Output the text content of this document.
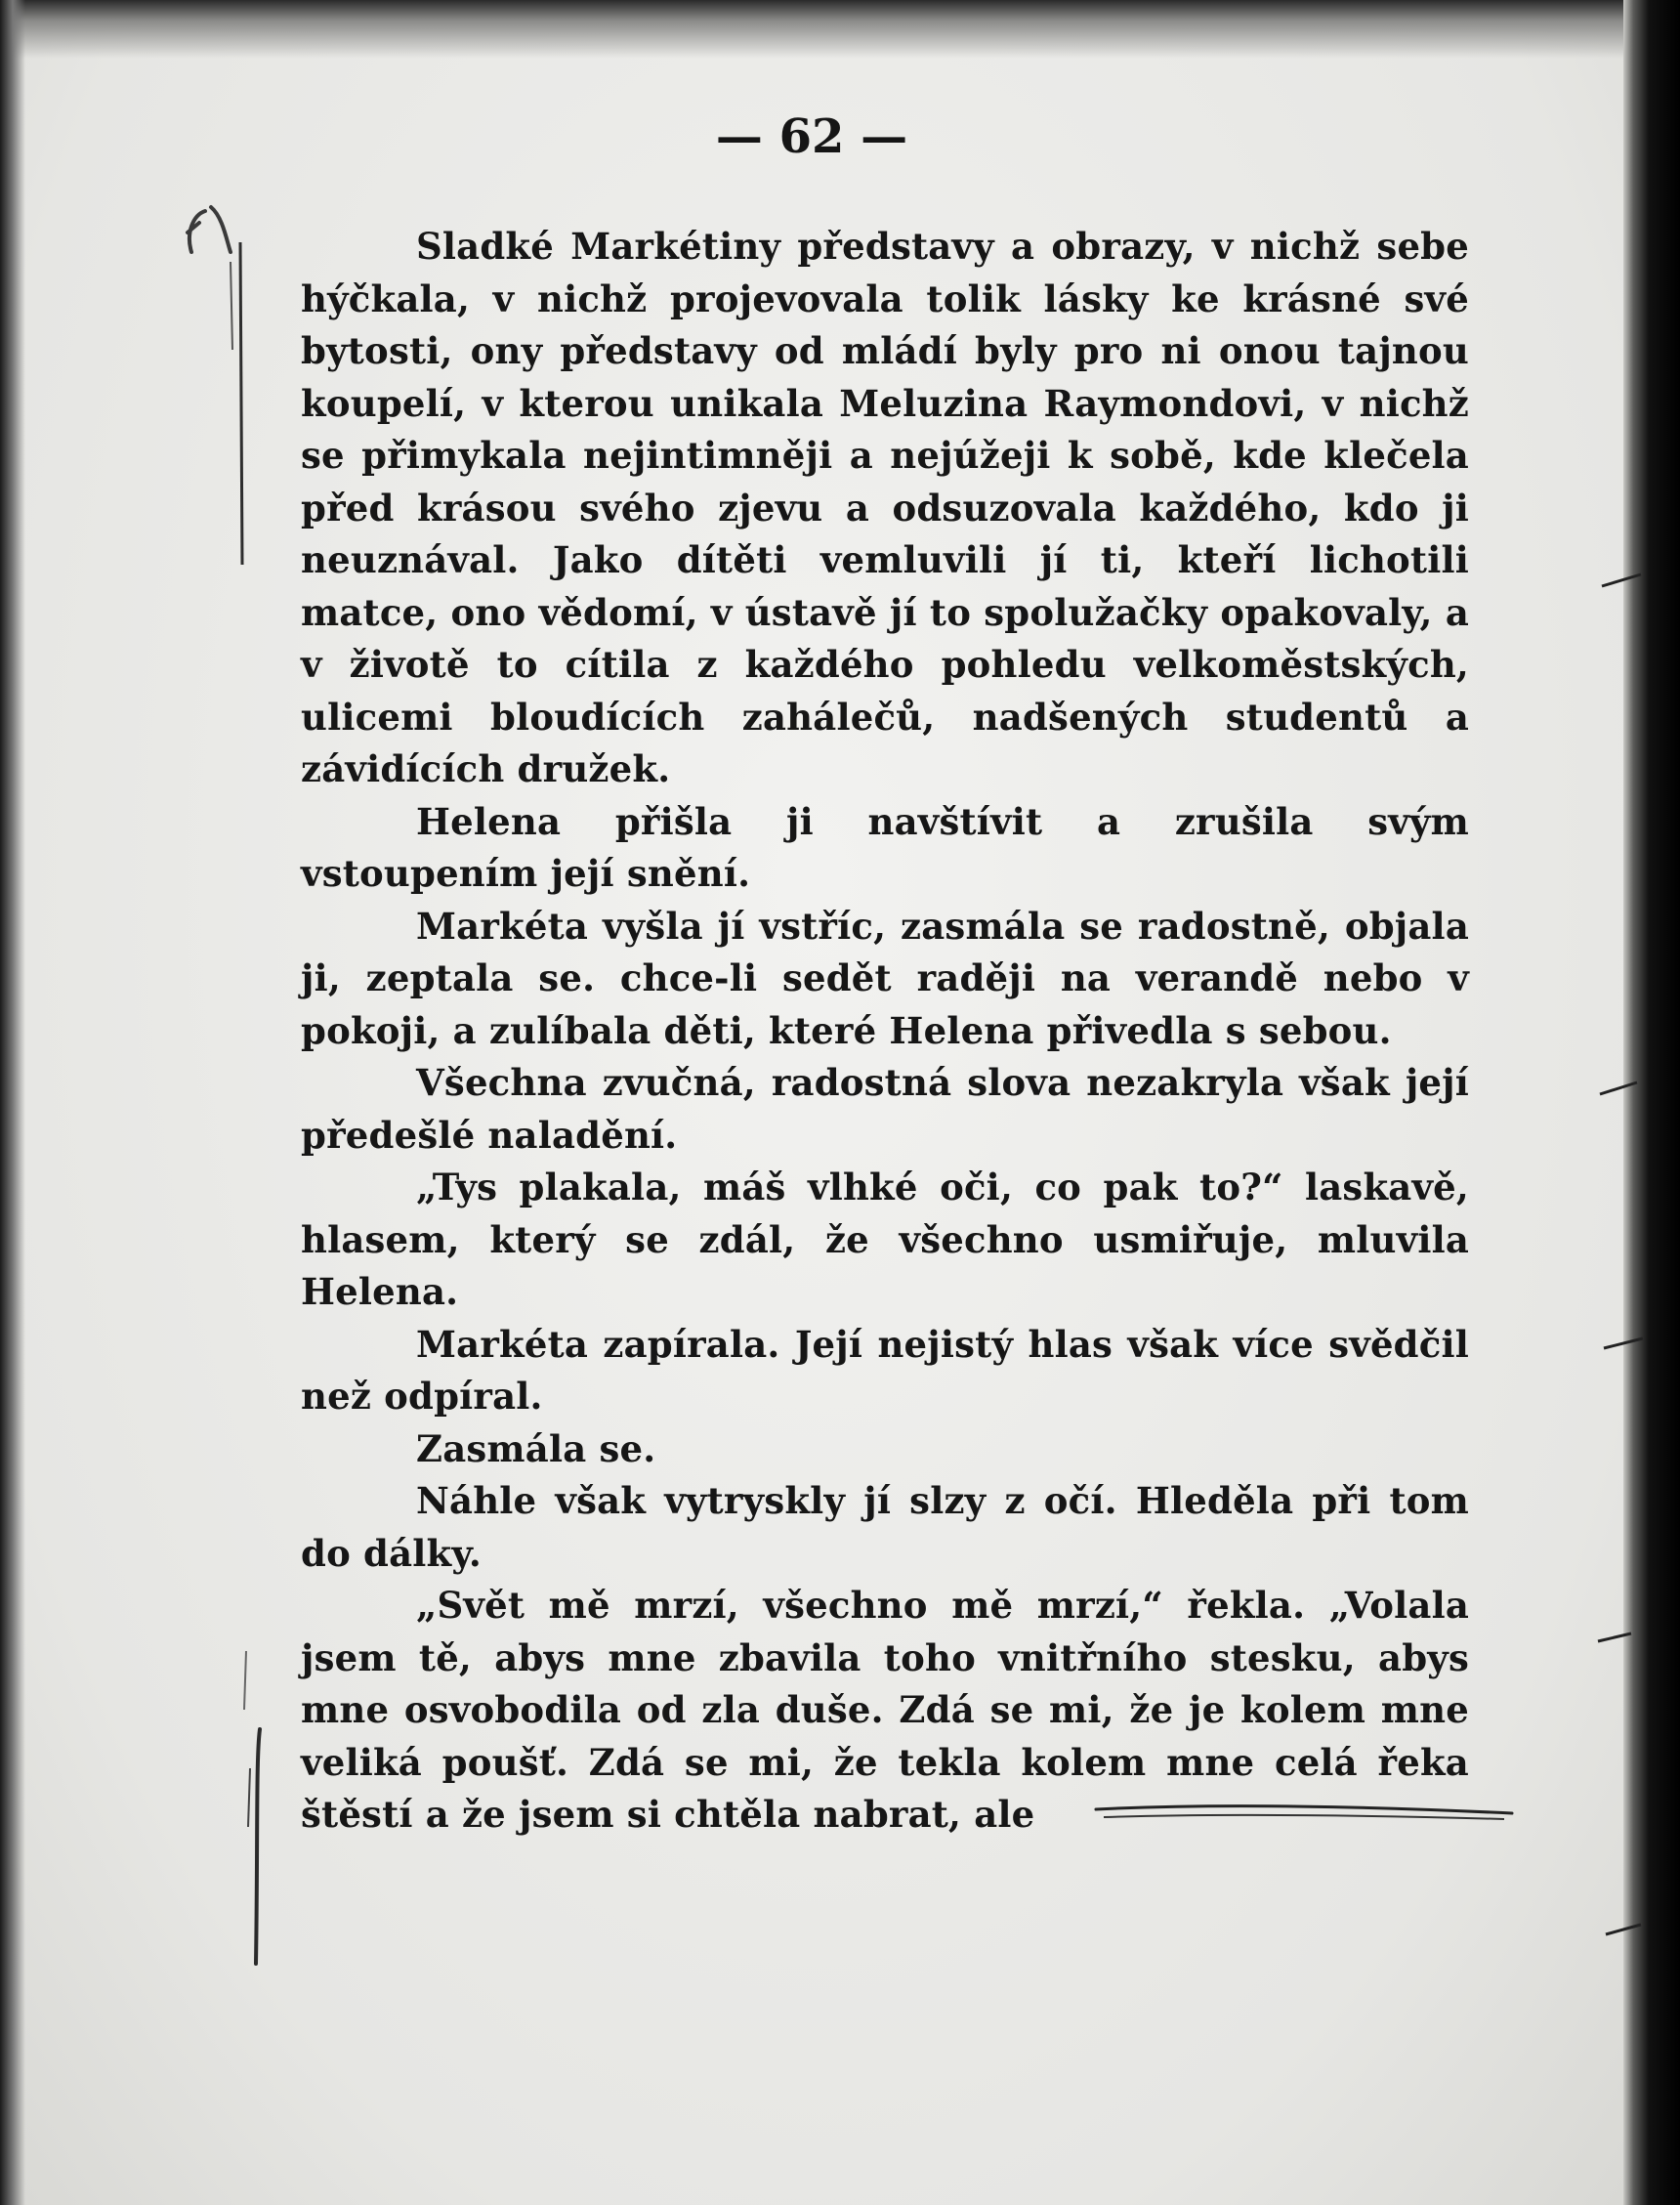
— 62 —

Sladké Markétiny představy a obrazy, v nichž sebe hýčkala, v nichž projevovala tolik lásky ke krásné své bytosti, ony představy od mládí byly pro ni onou tajnou koupelí, v kterou unikala Meluzina Raymondovi, v nichž se přimykala nejintimněji a nejúžeji k sobě, kde klečela před krásou svého zjevu a odsuzovala každého, kdo ji neuznával. Jako dítěti vemluvili jí ti, kteří lichotili matce, ono vědomí, v ústavě jí to spolužačky opakovaly, a v životě to cítila z každého pohledu velkoměstských, ulicemi bloudících zahálečů, nadšených studentů a závidících družek.

Helena přišla ji navštívit a zrušila svým vstoupením její snění.

Markéta vyšla jí vstříc, zasmála se radostně, objala ji, zeptala se. chce-li sedět raději na verandě nebo v pokoji, a zulíbala děti, které Helena přivedla s sebou.

Všechna zvučná, radostná slova nezakryla však její předešlé naladění.

„Tys plakala, máš vlhké oči, co pak to?“ laskavě, hlasem, který se zdál, že všechno usmiřuje, mluvila Helena.

Markéta zapírala. Její nejistý hlas však více svědčil než odpíral.

Zasmála se.

Náhle však vytryskly jí slzy z očí. Hleděla při tom do dálky.

„Svět mě mrzí, všechno mě mrzí,“ řekla. „Volala jsem tě, abys mne zbavila toho vnitřního stesku, abys mne osvobodila od zla duše. Zdá se mi, že je kolem mne veliká poušť. Zdá se mi, že tekla kolem mne celá řeka štěstí a že jsem si chtěla nabrat, ale
